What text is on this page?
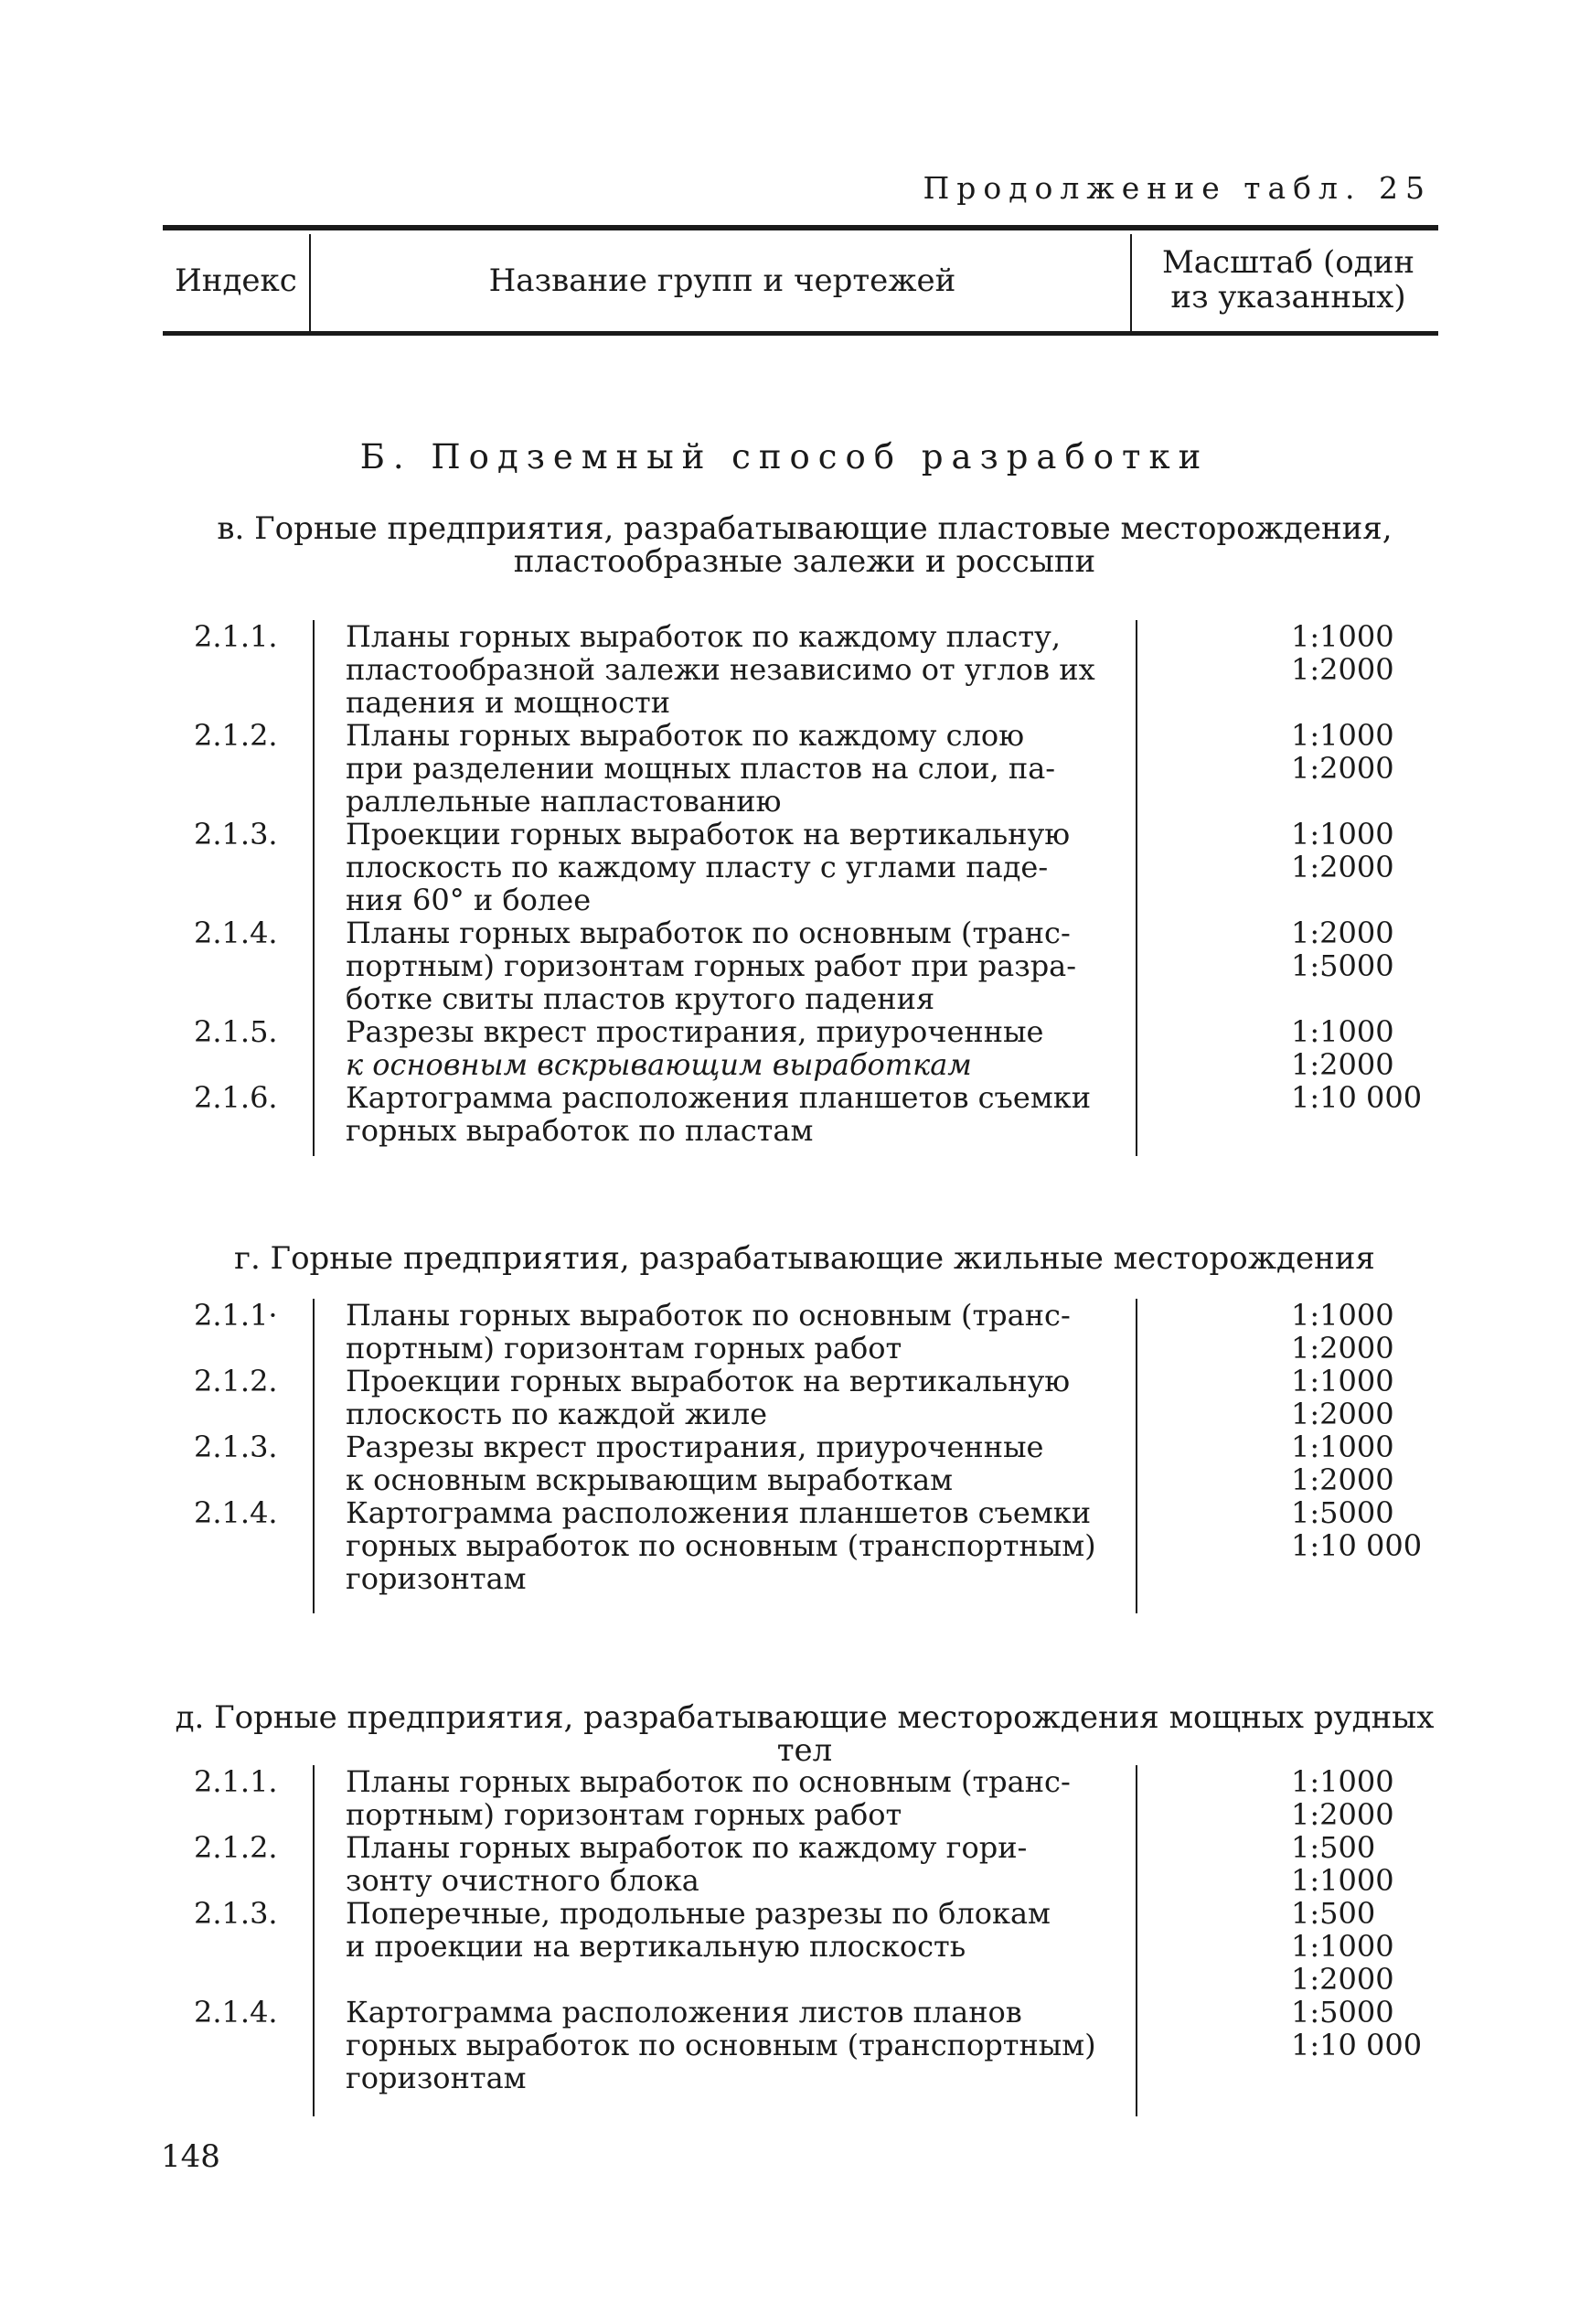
Продолжение табл. 25
Индекс	Название групп и чертежей	Масштаб (один
из указанных)
Б. Подземный способ разработки
в. Горные предприятия, разрабатывающие пластовые месторождения,
пластообразные залежи и россыпи
2.1.1.	Планы горных выработок по каждому пласту,
пластообразной залежи независимо от углов их
падения и мощности
1:1000
1:2000
2.1.2.	Планы горных выработок по каждому слою
при разделении мощных пластов на слои, па-
раллельные напластованию
1:1000
1:2000
2.1.3.	Проекции горных выработок на вертикальную
плоскость по каждому пласту с углами паде-
ния 60° и более
1:1000
1:2000
2.1.4.	Планы горных выработок по основным (транс-
портным) горизонтам горных работ при разра-
ботке свиты пластов крутого падения
1:2000
1:5000
2.1.5.	Разрезы вкрест простирания, приуроченные
к основным вскрывающим выработкам
1:1000
1:2000
2.1.6.	Картограмма расположения планшетов съемки
горных выработок по пластам
1:10 000
г. Горные предприятия, разрабатывающие жильные месторождения
2.1.1·	Планы горных выработок по основным (транс-
портным) горизонтам горных работ
1:1000
1:2000
2.1.2.	Проекции горных выработок на вертикальную
плоскость по каждой жиле
1:1000
1:2000
2.1.3.	Разрезы вкрест простирания, приуроченные
к основным вскрывающим выработкам
1:1000
1:2000
2.1.4.	Картограмма расположения планшетов съемки
горных выработок по основным (транспортным)
горизонтам
1:5000
1:10 000
д. Горные предприятия, разрабатывающие месторождения мощных рудных тел
2.1.1.	Планы горных выработок по основным (транс-
портным) горизонтам горных работ
1:1000
1:2000
2.1.2.	Планы горных выработок по каждому гори-
зонту очистного блока
1:500
1:1000
2.1.3.	Поперечные, продольные разрезы по блокам
и проекции на вертикальную плоскость
1:500
1:1000
1:2000
2.1.4.	Картограмма расположения листов планов
горных выработок по основным (транспортным)
горизонтам
1:5000
1:10 000
148
